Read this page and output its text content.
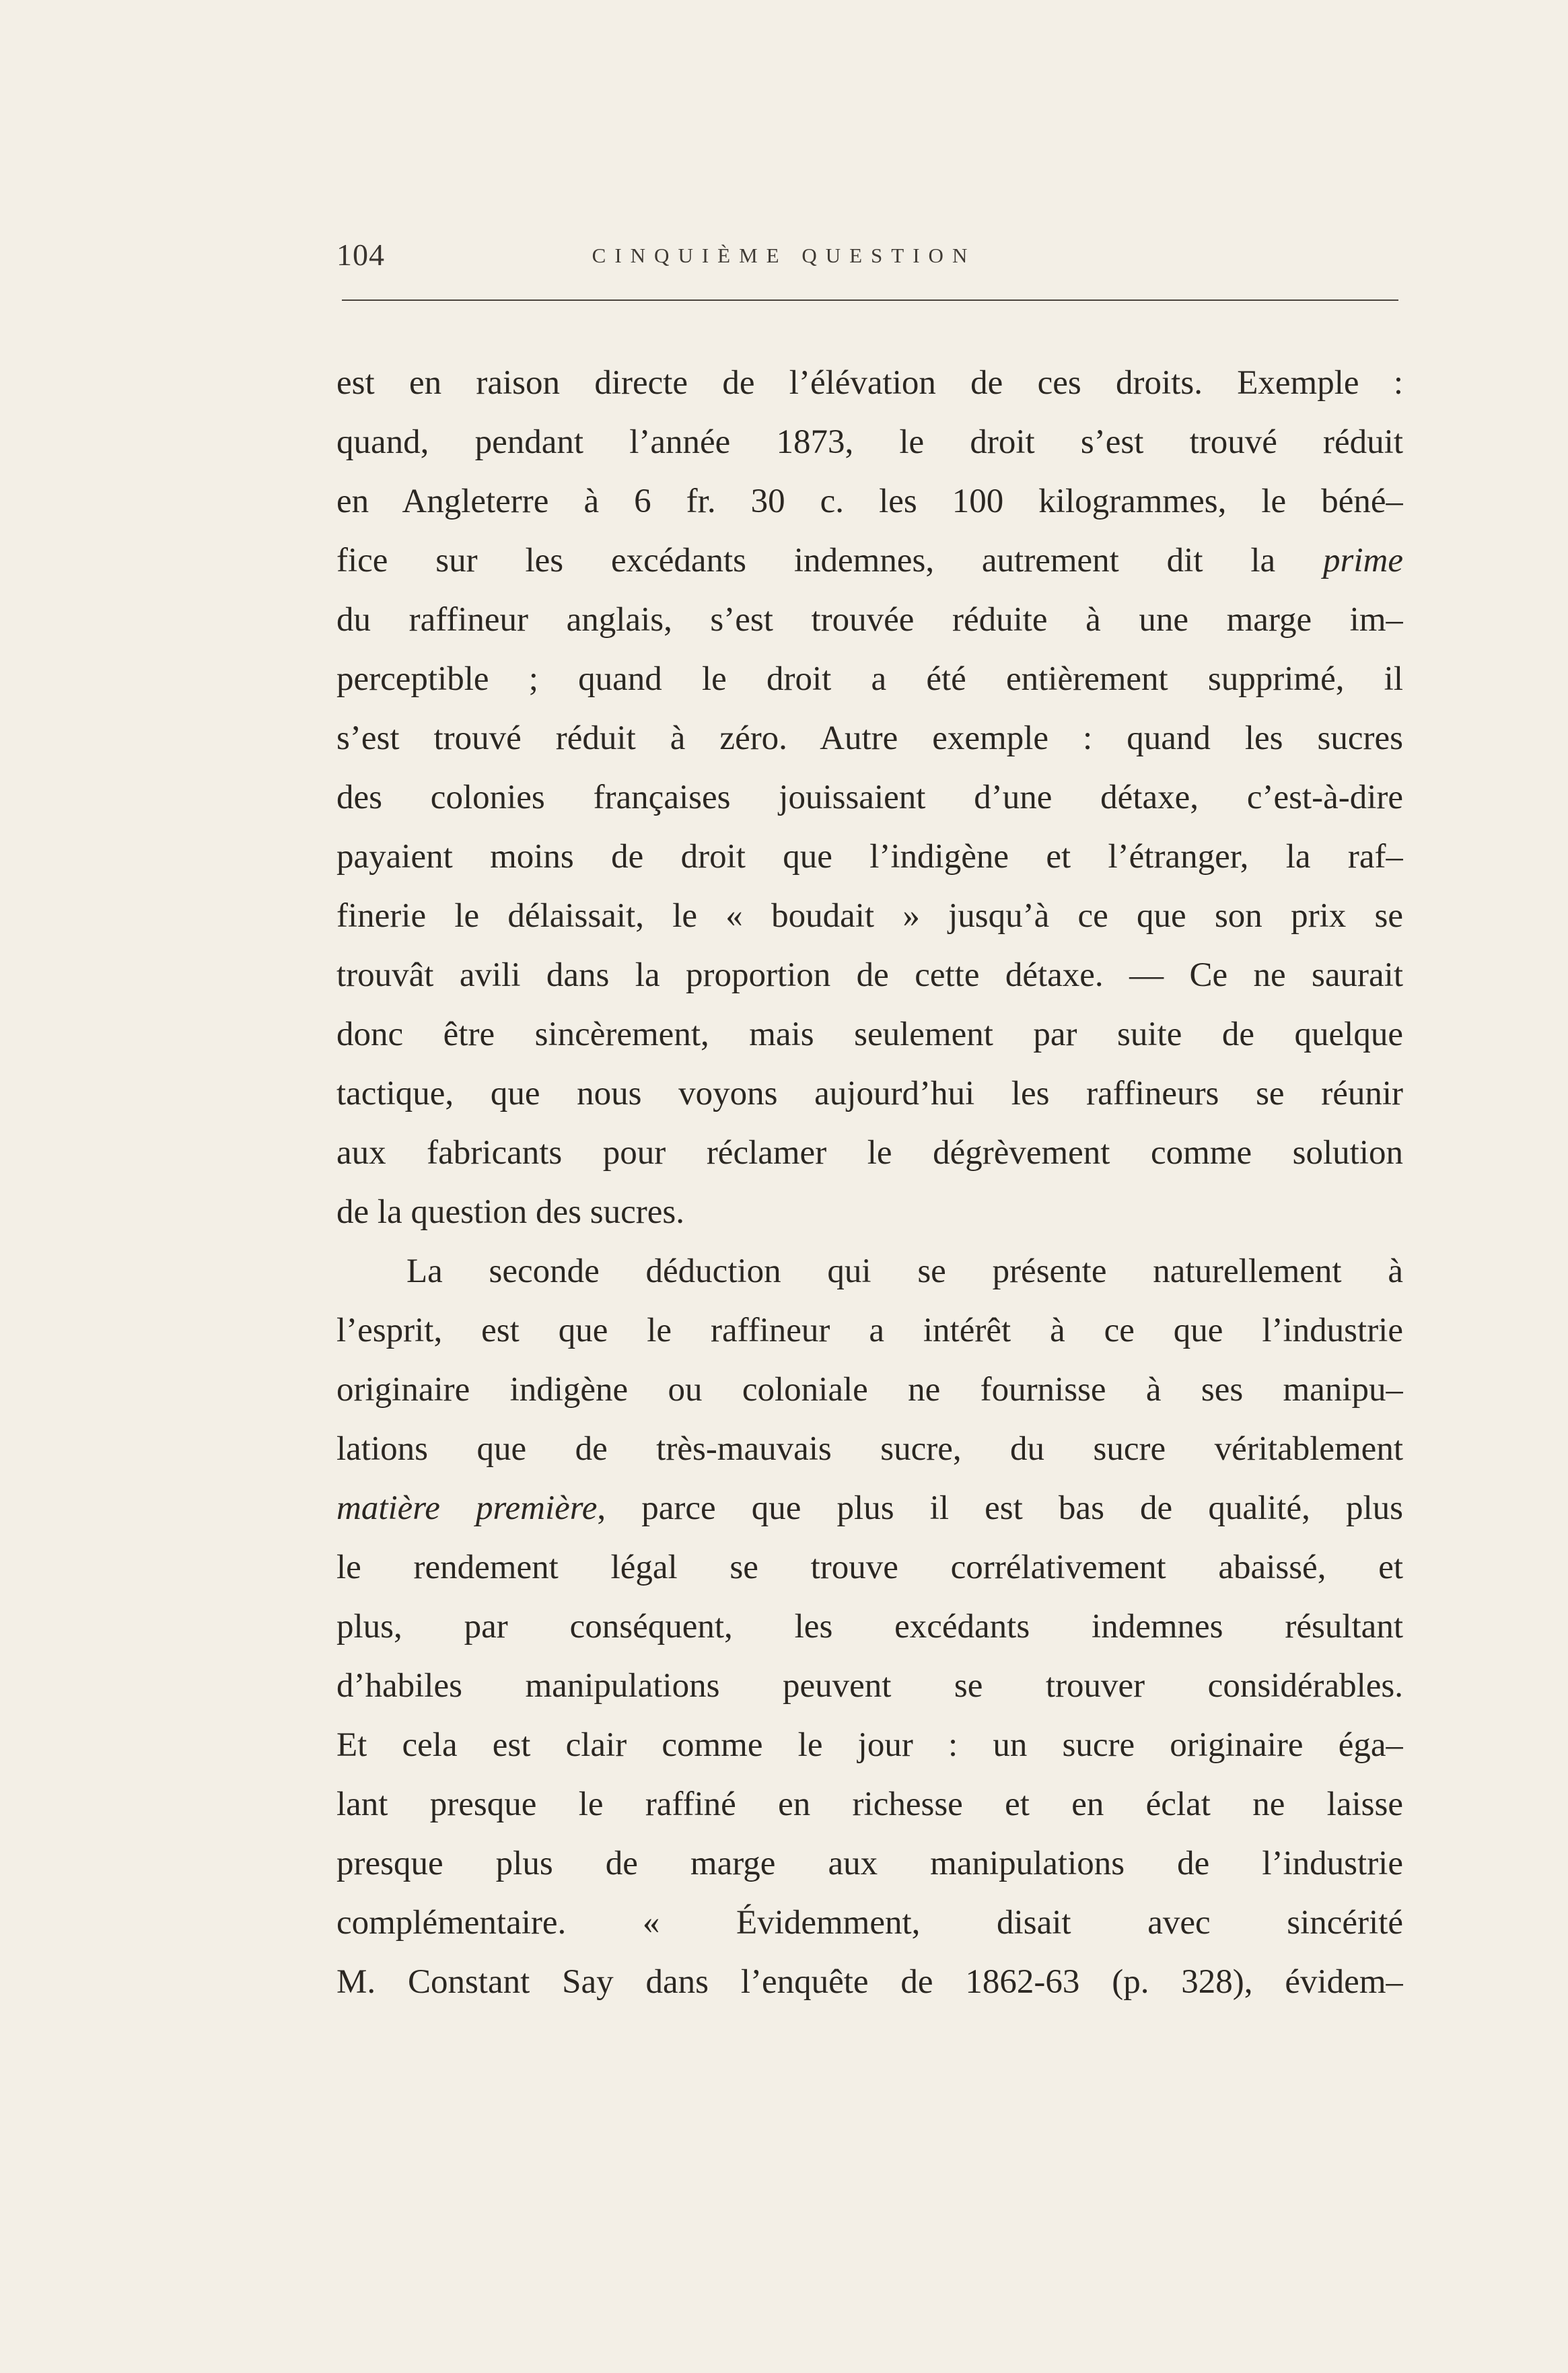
104	CINQUIÈME QUESTION
est en raison directe de l’élévation de ces droits. Exemple :
quand, pendant l’année 1873, le droit s’est trouvé réduit
en Angleterre à 6 fr. 30 c. les 100 kilogrammes, le béné–
fice sur les excédants indemnes, autrement dit la prime
du raffineur anglais, s’est trouvée réduite à une marge im–
perceptible ; quand le droit a été entièrement supprimé, il
s’est trouvé réduit à zéro. Autre exemple : quand les sucres
des colonies françaises jouissaient d’une détaxe, c’est-à-dire
payaient moins de droit que l’indigène et l’étranger, la raf–
finerie le délaissait, le « boudait » jusqu’à ce que son prix se
trouvât avili dans la proportion de cette détaxe. — Ce ne saurait
donc être sincèrement, mais seulement par suite de quelque
tactique, que nous voyons aujourd’hui les raffineurs se réunir
aux fabricants pour réclamer le dégrèvement comme solution
de la question des sucres.
La seconde déduction qui se présente naturellement à
l’esprit, est que le raffineur a intérêt à ce que l’industrie
originaire indigène ou coloniale ne fournisse à ses manipu–
lations que de très-mauvais sucre, du sucre véritablement
matière première, parce que plus il est bas de qualité, plus
le rendement légal se trouve corrélativement abaissé, et
plus, par conséquent, les excédants indemnes résultant
d’habiles manipulations peuvent se trouver considérables.
Et cela est clair comme le jour : un sucre originaire éga–
lant presque le raffiné en richesse et en éclat ne laisse
presque plus de marge aux manipulations de l’industrie
complémentaire. « Évidemment, disait avec sincérité
M. Constant Say dans l’enquête de 1862-63 (p. 328), évidem–
